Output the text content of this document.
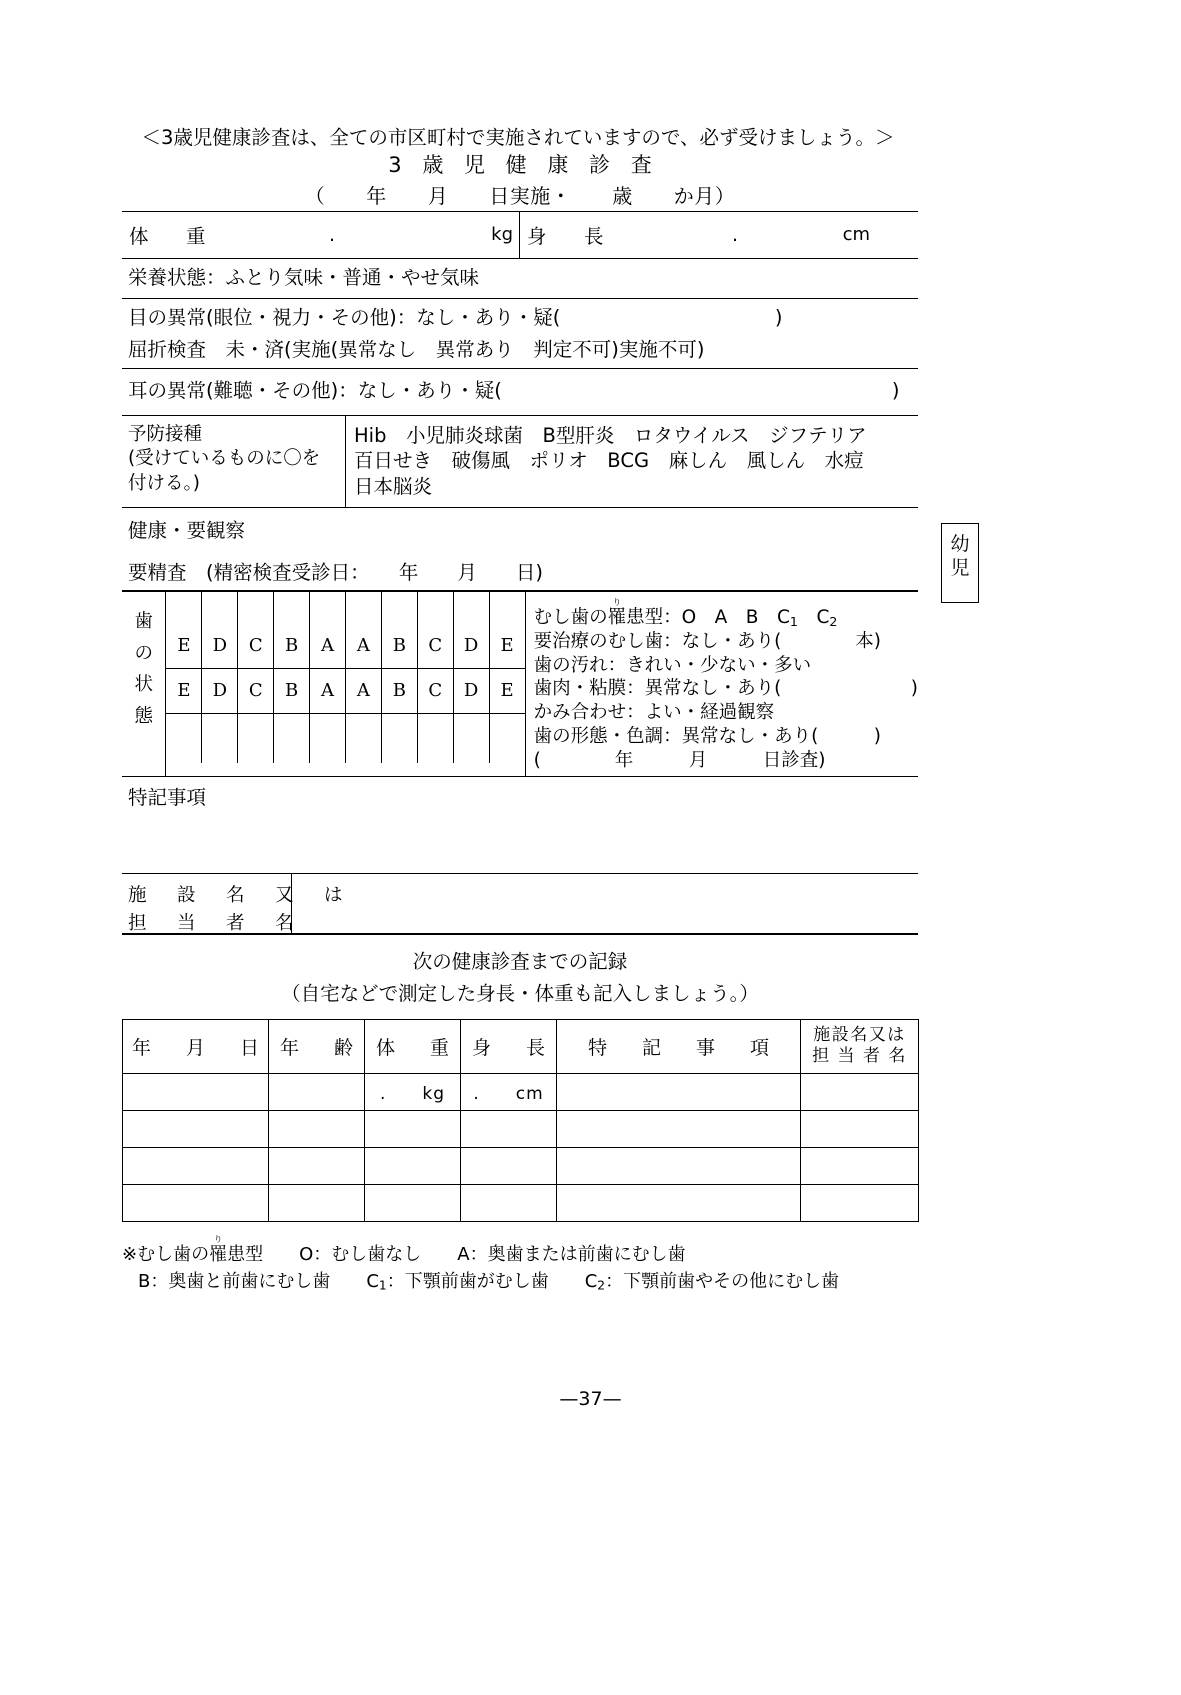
＜3歳児健康診査は、全ての市区町村で実施されていますので、必ず受けましょう。＞
3 歳 児 健 康 診 査
（　　年　　月　　日実施・　　歳　　か月）
体　重	.	kg 身　長	.	cm
栄養状態：ふとり気味・普通・やせ気味
目の異常(眼位・視力・その他)：なし・あり・疑(　　　　　　　　　　　)
屈折検査　未・済(実施(異常なし　異常あり　判定不可)実施不可)
耳の異常(難聴・その他)：なし・あり・疑(　　　　　　　　　　　　　　　　　　　　)
予防接種
(受けているものに〇を
付ける。)
Hib　小児肺炎球菌　B型肝炎　ロタウイルス　ジフテリア
百日せき　破傷風　ポリオ　BCG　麻しん　風しん　水痘
日本脳炎
健康・要観察
要精査　(精密検査受診日：　　年　　月　　日)
歯
の
状
態
E	D	C	B	A	A	B	C	D	E
E	D	C	B	A	A	B	C	D	E
むし歯の罹り患型：O　A　B　$C_1$　$C_2$
要治療のむし歯：なし・あり(　　　　本)
歯の汚れ：きれい・少ない・多い
歯肉・粘膜：異常なし・あり(　　　　　　　)
かみ合わせ：よい・経過観察
歯の形態・色調：異常なし・あり(　　　)
(　　　　年　　　月　　　日診査)
特記事項
施　設　名　又　は
担　当　者　名
次の健康診査までの記録
（自宅などで測定した身長・体重も記入しましょう。）
年　月　日	年　齢	体　重	身　長	特　記　事　項	施設名又は
担 当 者 名

		.　　kg	.　　cm		

※むし歯の罹り患型　　O：むし歯なし　　A：奥歯または前歯にむし歯
B：奥歯と前歯にむし歯　　$C_1$：下顎前歯がむし歯　　$C_2$：下顎前歯やその他にむし歯
幼
児
—37—
